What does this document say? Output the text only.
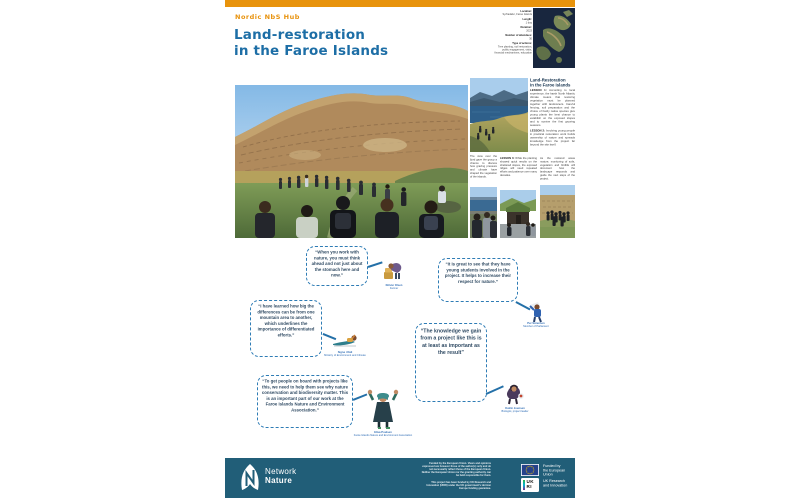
Nordic NbS Hub
Land-restoration
in the Faroe Islands
Location:
Syðradalur, Faroe Islands
Length:
1 day
Duration:
2023
Number of attendees:
30
Type of actions:
Tree planting, soil restoration, public engagement, visits, financial mechanisms, education
Land-Restoration
in the Faroe Islands

LESSON 1: According to local experience, the harsh North Atlantic climate means that restoring vegetation must be planned together with landowners. Careful fencing, soil preparation and the choice of hardy native species give young plants the best chance to establish on the exposed slopes and to survive the first growing seasons.

LESSON 2: Involving young people in practical restoration work builds ownership of nature and spreads knowledge from the project far beyond the site itself.

The view over the fjord gave the group a chance to discuss how grazing pressure and climate have shaped the vegetation of the islands.
LESSON 3: While the planting showed quick results on the sheltered slopes, the exposed ridges will need repeated efforts and patience over many decades.
As the restored areas mature, monitoring of soils, vegetation and birdlife will document how the landscape responds and guide the next steps of the project.
“When you work with nature, you must think ahead and not just about the stomach here and now.”
“It is great to see that they have young students involved in the project. It helps to increase their respect for nature.”
“I have learned how big the differences can be from one mountain area to another, which underlines the importance of differentiated efforts.”
“The knowledge we gain from a project like this is at least as important as the result”
“To get people on board with projects like this, we need to help them see why nature conservation and biodiversity matter. This is an important part of our work at the Faroe Islands Nature and Environment Association.”
Rólvur Olsen
Farmer
Per Sørensen
Member of Parliament
Signe í Dali
Ministry of Environment and Climate
Katrin Joensen
Biologist, project leader
Elisa Poulsen
Faroe Islands Nature and Environment Association
Network
Nature
Funded by the European Union. Views and opinions expressed are however those of the author(s) only and do not necessarily reflect those of the European Union. Neither the European Union nor the granting authority can be held responsible for them.
This project has been funded by UK Research and Innovation (UKRI) under the UK government's Horizon Europe funding guarantee.
Funded by
the European Union
UK
RI
UK Research
and Innovation
